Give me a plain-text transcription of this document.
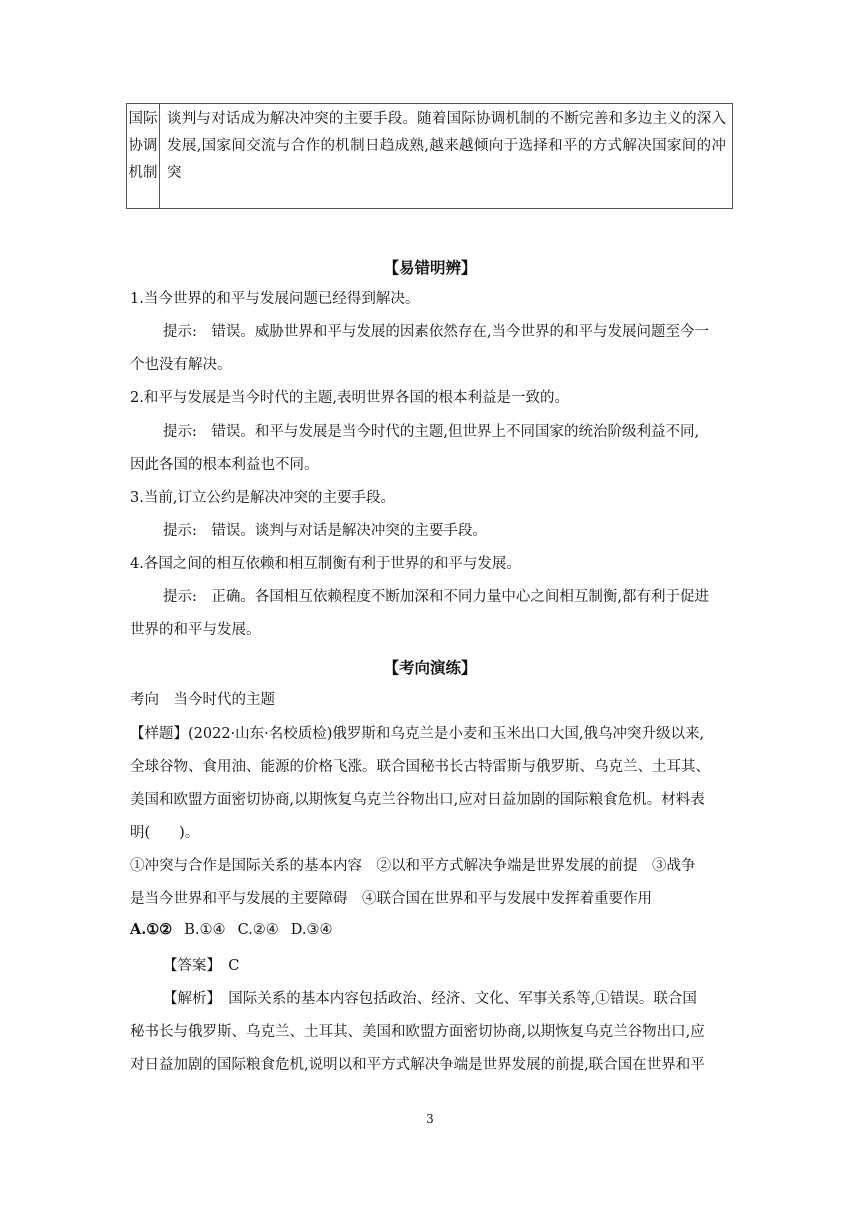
国际
协调
机制
	谈判与对话成为解决冲突的主要手段。随着国际协调机制的不断完善和多边主义的深入发展,国家间交流与合作的机制日趋成熟,越来越倾向于选择和平的方式解决国家间的冲突
【易错明辨】
1.当今世界的和平与发展问题已经得到解决。
提示:　错误。威胁世界和平与发展的因素依然存在,当今世界的和平与发展问题至今一
个也没有解决。
2.和平与发展是当今时代的主题,表明世界各国的根本利益是一致的。
提示:　错误。和平与发展是当今时代的主题,但世界上不同国家的统治阶级利益不同,
因此各国的根本利益也不同。
3.当前,订立公约是解决冲突的主要手段。
提示:　错误。谈判与对话是解决冲突的主要手段。
4.各国之间的相互依赖和相互制衡有利于世界的和平与发展。
提示:　正确。各国相互依赖程度不断加深和不同力量中心之间相互制衡,都有利于促进
世界的和平与发展。
【考向演练】
考向　当今时代的主题
【样题】(2022·山东·名校质检)俄罗斯和乌克兰是小麦和玉米出口大国,俄乌冲突升级以来,
全球谷物、食用油、能源的价格飞涨。联合国秘书长古特雷斯与俄罗斯、乌克兰、土耳其、
美国和欧盟方面密切协商,以期恢复乌克兰谷物出口,应对日益加剧的国际粮食危机。材料表
明(　　)。
①冲突与合作是国际关系的基本内容　②以和平方式解决争端是世界发展的前提　③战争
是当今世界和平与发展的主要障碍　④联合国在世界和平与发展中发挥着重要作用
A.①② B.①④ C.②④ D.③④
【答案】　C
【解析】　国际关系的基本内容包括政治、经济、文化、军事关系等,①错误。联合国
秘书长与俄罗斯、乌克兰、土耳其、美国和欧盟方面密切协商,以期恢复乌克兰谷物出口,应
对日益加剧的国际粮食危机,说明以和平方式解决争端是世界发展的前提,联合国在世界和平
3
